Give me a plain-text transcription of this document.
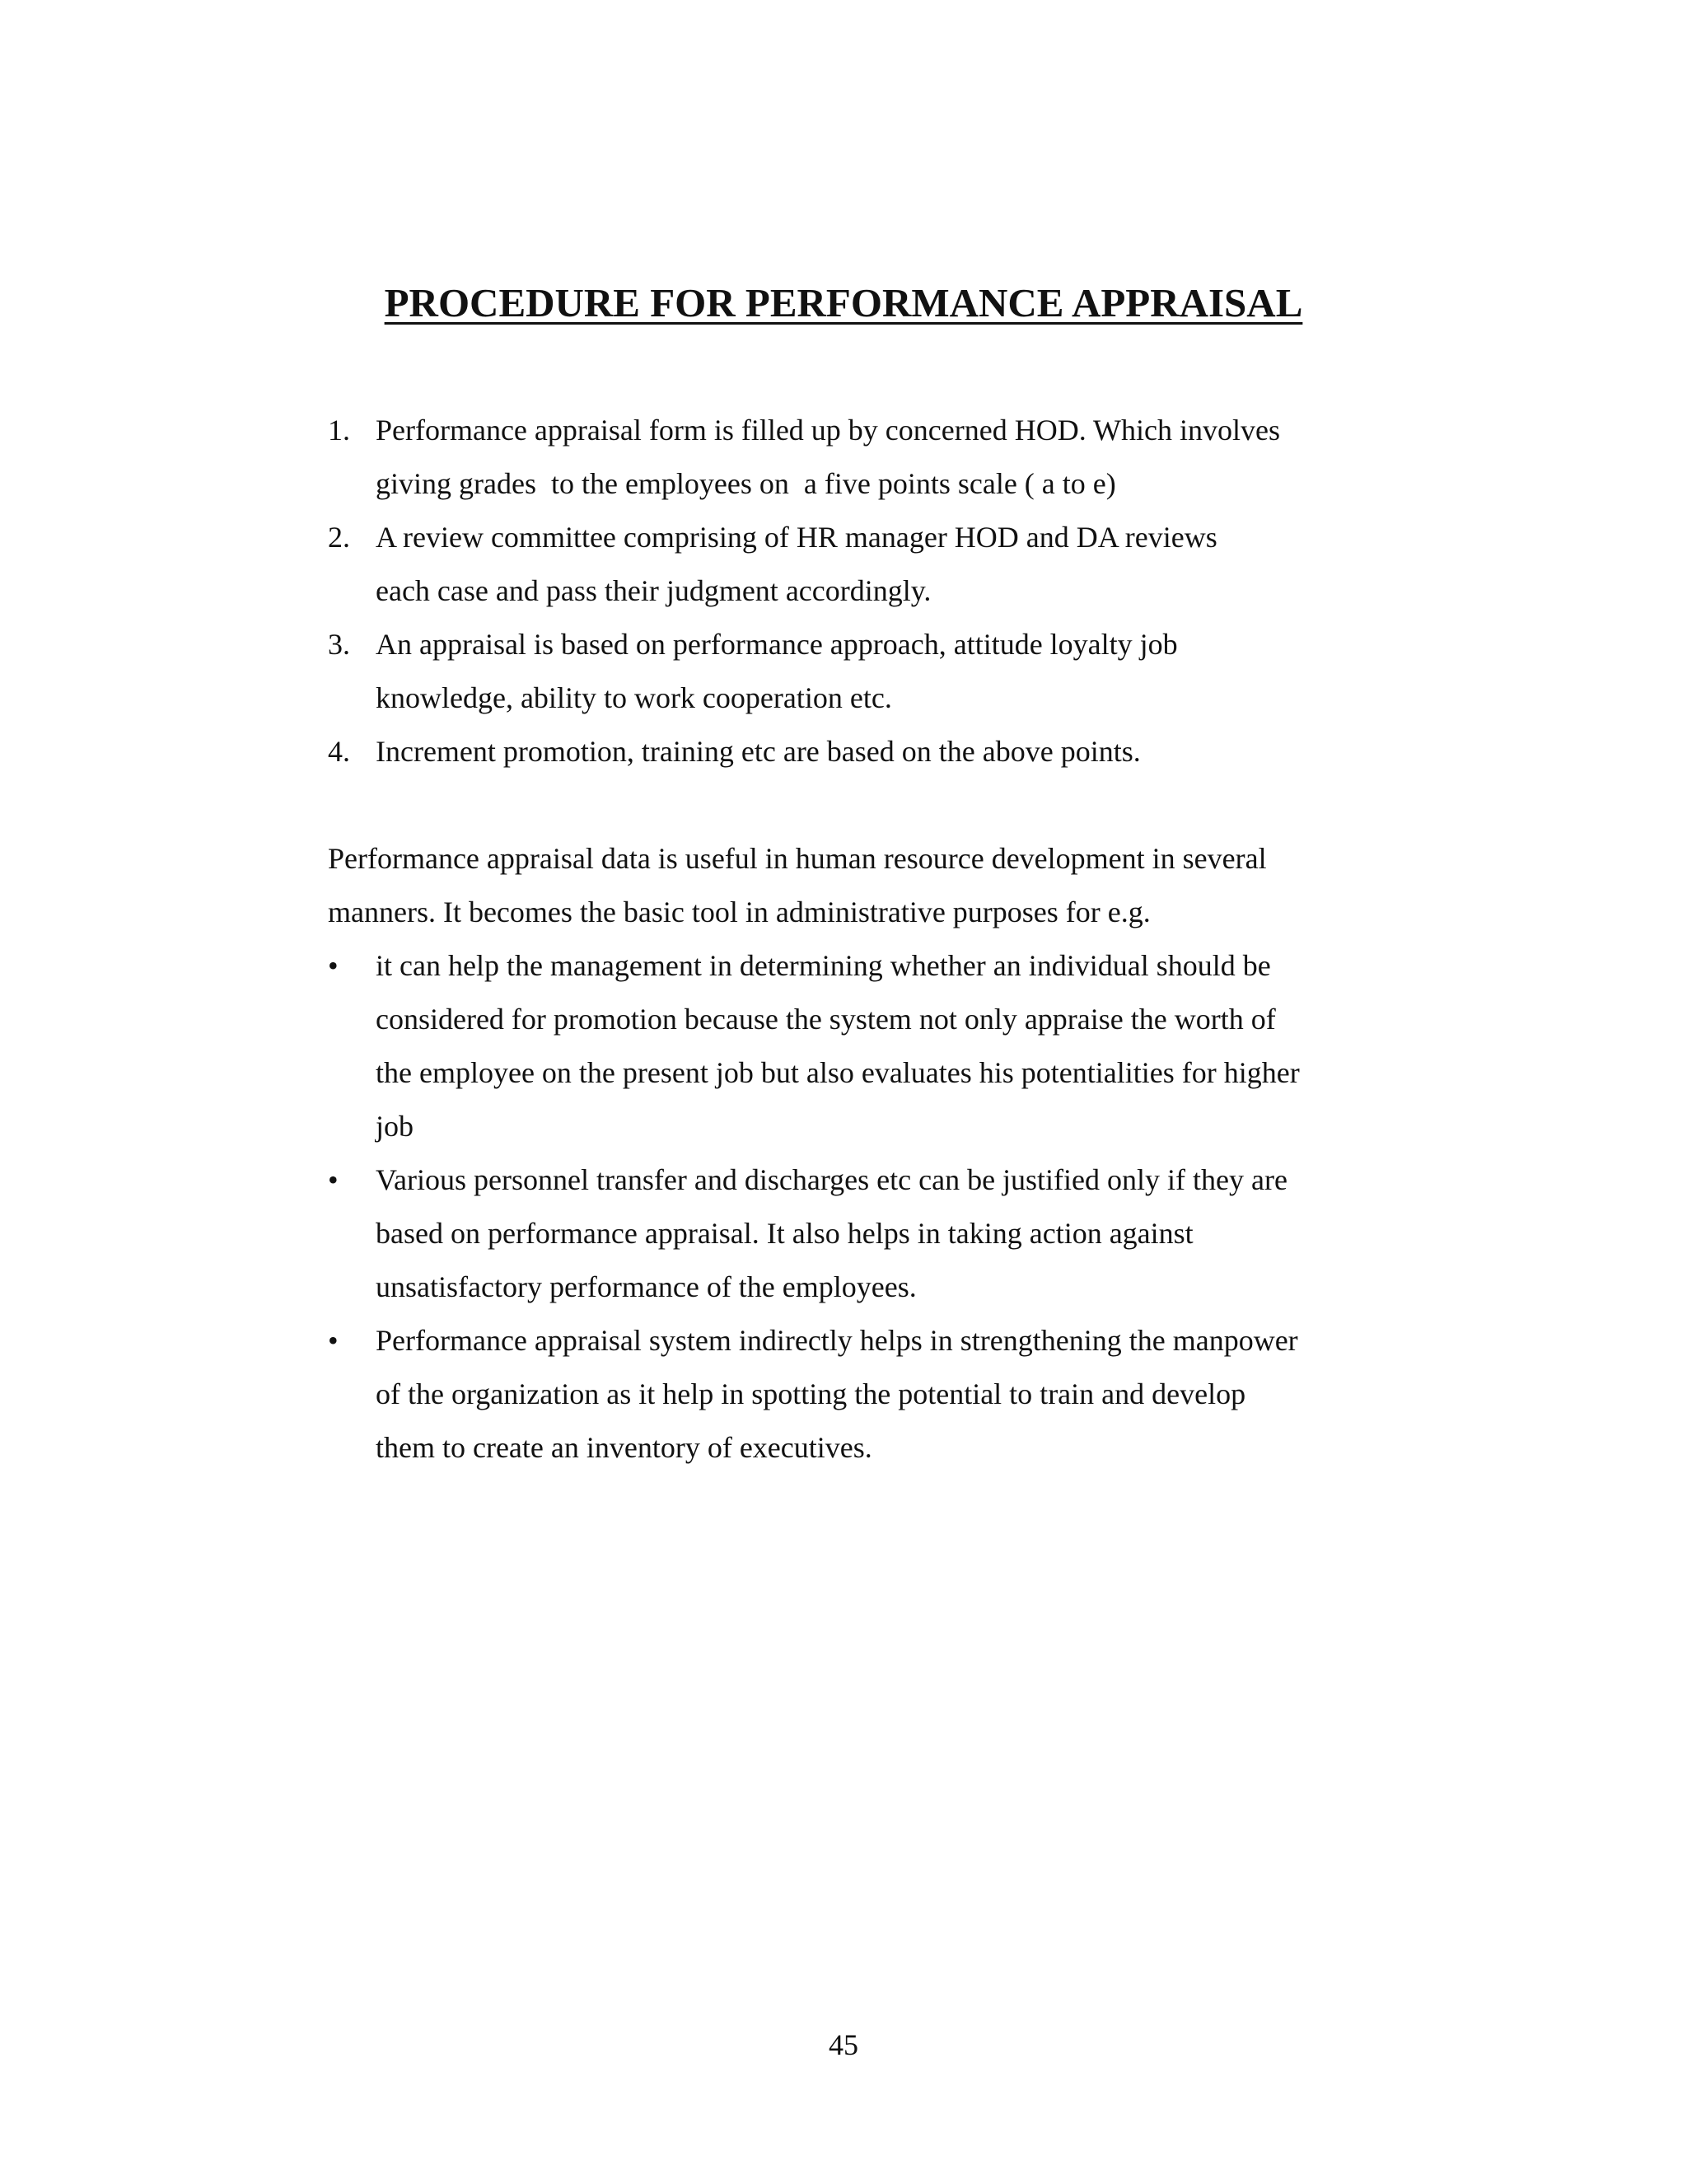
PROCEDURE FOR PERFORMANCE APPRAISAL
1. Performance appraisal form is filled up by concerned HOD. Which involves
giving grades  to the employees on  a five points scale ( a to e)
2. A review committee comprising of HR manager HOD and DA reviews
each case and pass their judgment accordingly.
3. An appraisal is based on performance approach, attitude loyalty job
knowledge, ability to work cooperation etc.
4. Increment promotion, training etc are based on the above points.
Performance appraisal data is useful in human resource development in several
manners. It becomes the basic tool in administrative purposes for e.g.
• it can help the management in determining whether an individual should be
considered for promotion because the system not only appraise the worth of
the employee on the present job but also evaluates his potentialities for higher
job
• Various personnel transfer and discharges etc can be justified only if they are
based on performance appraisal. It also helps in taking action against
unsatisfactory performance of the employees.
• Performance appraisal system indirectly helps in strengthening the manpower
of the organization as it help in spotting the potential to train and develop
them to create an inventory of executives.
45
